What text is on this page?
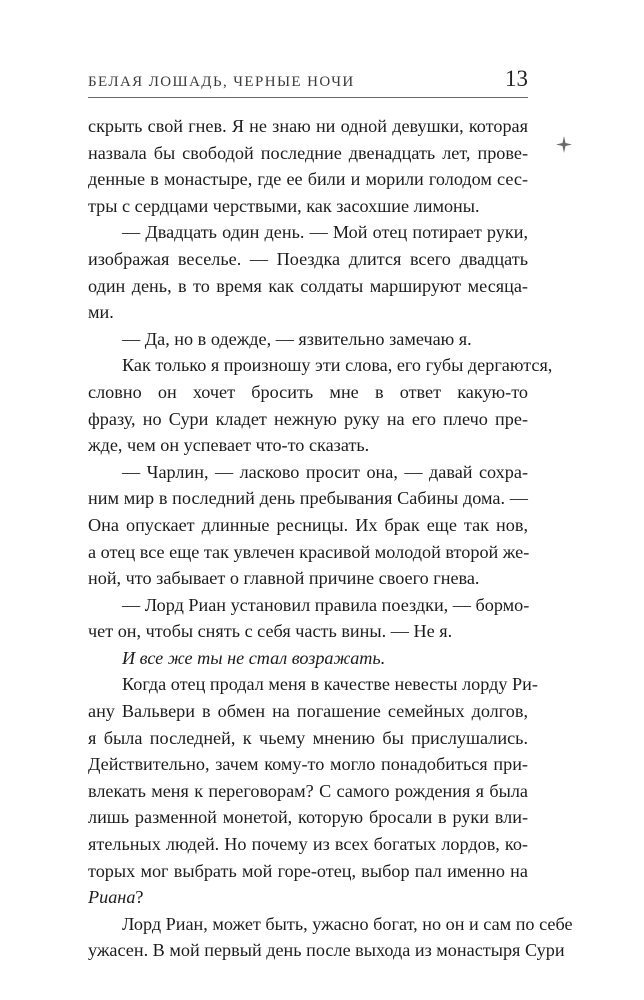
БЕЛАЯ ЛОШАДЬ, ЧЕРНЫЕ НОЧИ	13
скрыть свой гнев. Я не знаю ни одной девушки, которая
назвала бы свободой последние двенадцать лет, прове-
денные в монастыре, где ее били и морили голодом сес-
тры с сердцами черствыми, как засохшие лимоны.
— Двадцать один день. — Мой отец потирает руки,
изображая веселье. — Поездка длится всего двадцать
один день, в то время как солдаты маршируют месяца-
ми.
— Да, но в одежде, — язвительно замечаю я.
Как только я произношу эти слова, его губы дергаются,
словно он хочет бросить мне в ответ какую-то
фразу, но Сури кладет нежную руку на его плечо пре-
жде, чем он успевает что-то сказать.
— Чарлин, — ласково просит она, — давай сохра-
ним мир в последний день пребывания Сабины дома. —
Она опускает длинные ресницы. Их брак еще так нов,
а отец все еще так увлечен красивой молодой второй же-
ной, что забывает о главной причине своего гнева.
— Лорд Риан установил правила поездки, — бормо-
чет он, чтобы снять с себя часть вины. — Не я.
И все же ты не стал возражать.
Когда отец продал меня в качестве невесты лорду Ри-
ану Вальвери в обмен на погашение семейных долгов,
я была последней, к чьему мнению бы прислушались.
Действительно, зачем кому-то могло понадобиться при-
влекать меня к переговорам? С самого рождения я была
лишь разменной монетой, которую бросали в руки вли-
ятельных людей. Но почему из всех богатых лордов, ко-
торых мог выбрать мой горе-отец, выбор пал именно на
Риана?
Лорд Риан, может быть, ужасно богат, но он и сам по себе
ужасен. В мой первый день после выхода из монастыря Сури
